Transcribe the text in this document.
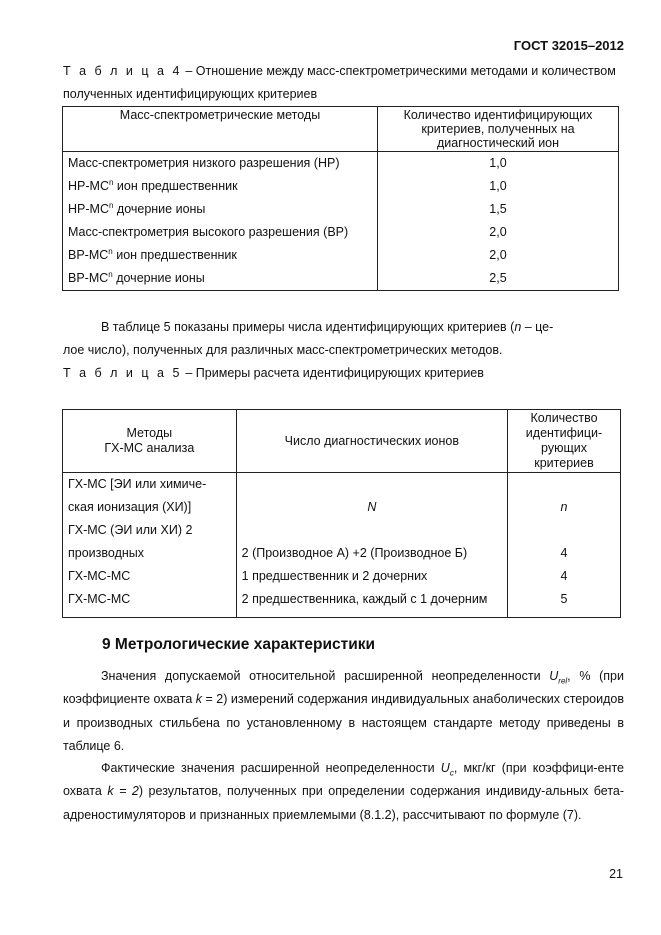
ГОСТ 32015–2012
Т а б л и ц а 4 – Отношение между масс-спектрометрическими методами и количеством
полученных идентифицирующих критериев
Масс-спектрометрические методы	Количество идентифицирующих критериев, полученных на диагностический ион
Масс-спектрометрия низкого разрешения (НР)	1,0
$НР-МС^n$ ион предшественник	1,0
$НР-МС^n$ дочерние ионы	1,5
Масс-спектрометрия высокого разрешения (ВР)	2,0
$ВР-МС^n$ ион предшественник	2,0
$ВР-МС^n$ дочерние ионы	2,5
В таблице 5 показаны примеры числа идентифицирующих критериев (n – це-
лое число), полученных для различных масс-спектрометрических методов.
Т а б л и ц а 5 – Примеры расчета идентифицирующих критериев
Методы
ГХ-МС анализа	Число диагностических ионов	Количество идентифици-рующих критериев

ГХ-МС [ЭИ или химиче-
ская ионизация (ХИ)]	N	n

ГХ-МС (ЭИ или ХИ) 2
производных	2 (Производное А) +2 (Производное Б)	4
ГХ-МС-МС	1 предшественник и 2 дочерних	4
ГХ-МС-МС	2 предшественника, каждый с 1 дочерним	5
9 Метрологические характеристики
Значения допускаемой относительной расширенной неопределенности $U_{rel}$, % (при коэффициенте охвата k = 2) измерений содержания индивидуальных анаболических стероидов и производных стильбена по установленному в настоящем стандарте методу приведены в таблице 6.
Фактические значения расширенной неопределенности $U_c$, мкг/кг (при коэффици-енте охвата k = 2) результатов, полученных при определении содержания индивиду-альных бета-адреностимуляторов и признанных приемлемыми (8.1.2), рассчитывают по формуле (7).
21
